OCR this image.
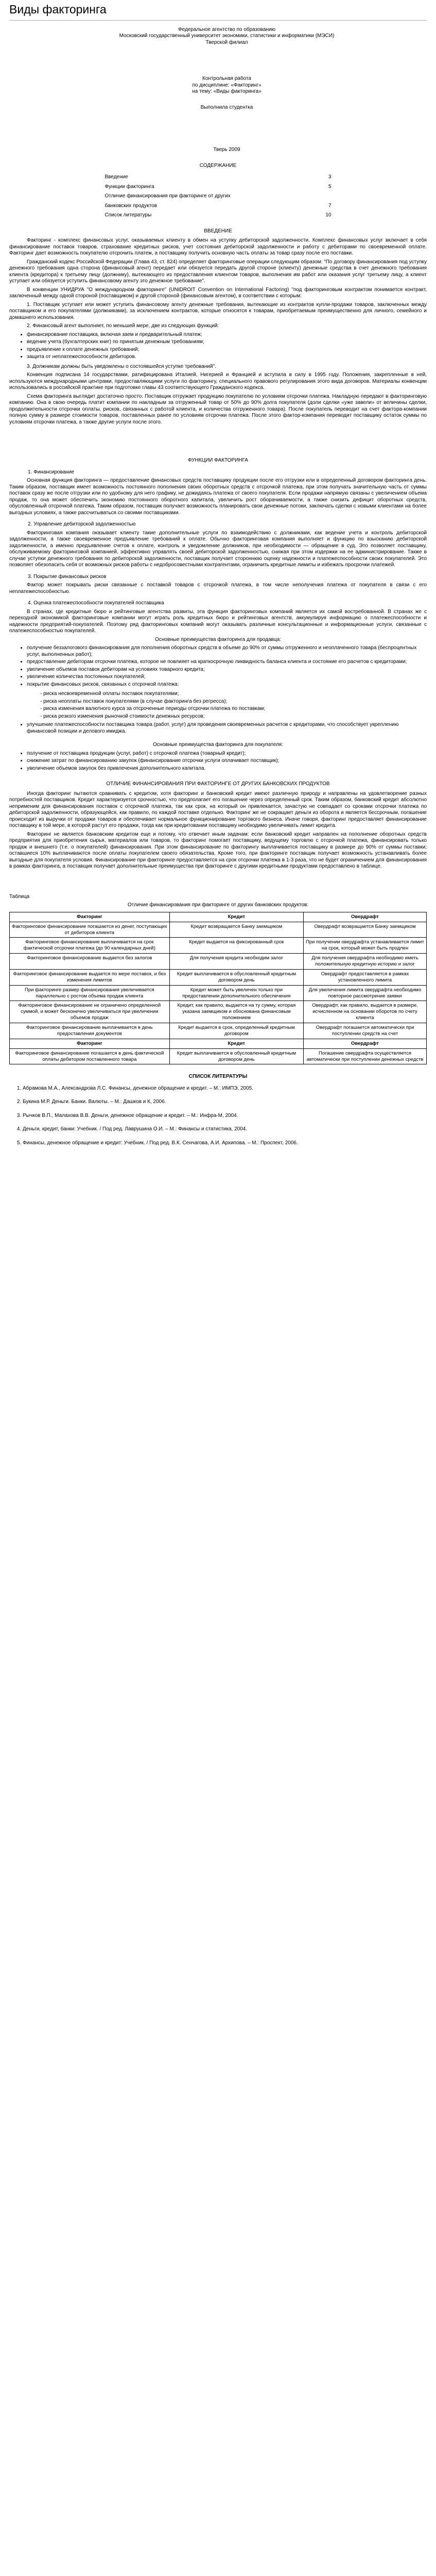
Виды факторинга

Федеральное агентство по образованию

Московский государственный университет экономики, статистики и информатики (МЭСИ)

Тверской филиал

Контрольная работа

по дисциплине: «Факторинг»

на тему: «Виды факторинга»

Выполнила студентка

Тверь 2009

СОДЕРЖАНИЕ
Введение	3
Функции факторинга	5
Отличие финансирования при факторинге от других
банковских продуктов	7
Список литературы	10
ВВЕДЕНИЕ

Факторинг - комплекс финансовых услуг, оказываемых клиенту в обмен на уступку дебиторской задолженности. Комплекс финансовых услуг включает в себя финансирование поставок товаров, страхование кредитных рисков, учет состояния дебиторской задолженности и работу с дебиторами по своевременной оплате. Факторинг дает возможность покупателю отсрочить платеж, а поставщику получить основную часть оплаты за товар сразу после его поставки.

Гражданский кодекс Российской Федерации (Глава 43, ст. 824) определяет факторинговые операции следующим образом: "По договору финансирования под уступку денежного требования одна сторона (финансовый агент) передает или обязуется передать другой стороне (клиенту) денежные средства в счет денежного требования клиента (кредитора) к третьему лицу (должнику), вытекающего из предоставления клиентом товаров, выполнения им работ или оказания услуг третьему лицу, а клиент уступает или обязуется уступить финансовому агенту это денежное требование".

В конвенции УНИДРУА "О международном факторинге" (UNIDROIT Convention on International Factoring) "под факторинговым контрактом понимается контракт, заключенный между одной стороной (поставщиком) и другой стороной (финансовым агентом), в соответствии с которым:

1. Поставщик уступает или может уступить финансовому агенту денежные требования, вытекающие из контрактов купли-продажи товаров, заключенных между поставщиком и его покупателями (должниками), за исключением контрактов, которые относятся к товарам, приобретаемым преимущественно для личного, семейного и домашнего использования.

2. Финансовый агент выполняет, по меньшей мере, две из следующих функций:

• финансирование поставщика, включая заем и предварительный платеж;
• ведение учета (бухгалтерских книг) по принятым денежным требованиям;
• предъявление к оплате денежных требований;
• защита от неплатежеспособности дебиторов.

3. Должникам должны быть уведомлены о состоявшейся уступке требований".

Конвенция подписана 14 государствами, ратифицирована Италией, Нигерией и Францией и вступила в силу в 1995 году. Положения, закрепленные в ней, используются международными центрами, предоставляющими услуги по факторингу, специального правового регулирования этого вида договоров. Материалы конвенции использовались в российской практике при подготовке главы 43 соответствующего Гражданского кодекса.

Схема факторинга выглядит достаточно просто. Поставщик отгружает продукцию покупателю по условиям отсрочки платежа. Накладную передают в факторинговую компанию. Она в свою очередь платит компании по накладным за отгруженный товар от 50% до 90% долга покупателя (доли сделки «уже завели» от величины сделки, продолжительности отсрочки оплаты, рисков, связанных с работой клиента, и количества отгруженного товара). После покупатель переводит на счет фактора-компании полную сумму в размере стоимости товаров, поставленных ранее по условиям отсрочки платежа. После этого фактор-компания переводит поставщику остаток суммы по условиям отсрочки платежа, а также другие услуги после этого.

ФУНКЦИИ ФАКТОРИНГА
1. Финансирование

Основная функция факторинга — предоставление финансовых средств поставщику продукции после его отгрузки или в определенный договором факторинга день. Таким образом, поставщик имеет возможность постоянного пополнения своих оборотных средств с отсрочкой платежа, при этом получать значительную часть от суммы поставок сразу же после отгрузки или по удобному для него графику, не дожидаясь платежа от своего покупателя. Если продажи напрямую связаны с увеличением объема продаж, то она может обеспечить экономию постоянного оборотного капитала, увеличить рост оборачиваемости, а также снизить дефицит оборотных средств, обусловленный отсрочкой платежа. Таким образом, поставщик получает возможность планировать свои денежные потоки, заключать сделки с новыми клиентами на более выгодных условиях, а также рассчитываться со своими поставщиками.

2. Управление дебиторской задолженностью

Факторинговая компания оказывает клиенту такие дополнительные услуги по взаимодействию с должниками, как ведение учета и контроль дебиторской задолженности, а также своевременное предъявление требований к оплате. Обычно факторинговая компания выполняет и функцию по взысканию дебиторской задолженности, а именно предъявление счетов к оплате, контроль и уведомление должников, при необходимости — обращение в суд. Это позволяет поставщику, обслуживаемому факторинговой компанией, эффективно управлять своей дебиторской задолженностью, снижая при этом издержки на ее администрирование. Также в случае уступки денежного требования по дебиторской задолженности, поставщик получает стороннюю оценку надежности и платежеспособности своих покупателей. Это позволяет обезопасить себя от возможных рисков работы с недобросовестными контрагентами, ограничить кредитные лимиты и избежать просрочки платежей.

3. Покрытие финансовых рисков

Фактор может покрывать риски связанные с поставкой товаров с отсрочкой платежа, в том числе неполучения платежа от покупателя в связи с его неплатежеспособностью.

4. Оценка платежеспособности покупателей поставщика

В странах, где кредитные бюро и рейтинговые агентства развиты, эта функция факторинговых компаний является их самой востребованной. В странах же с переходной экономикой факторинговые компании могут играть роль кредитных бюро и рейтинговых агентств, аккумулируя информацию о платежеспособности и надежности предприятий-покупателей. Поэтому ряд факторинговых компаний могут оказывать различные консультационные и информационные услуги, связанные с платежеспособностью покупателей.

Основные преимущества факторинга для продавца:

• получение беззалогового финансирования для пополнения оборотных средств в объеме до 90% от суммы отгруженного и неоплаченного товара (беспроцентных услуг, выполненных работ);
• предоставление дебиторам отсрочки платежа, которое не повлияет на краткосрочную ликвидность баланса клиента и состояние его расчетов с кредиторами;
• увеличение объемов поставок дебиторам на условиях товарного кредита;
• увеличение количества постоянных покупателей;
• покрытие финансовых рисков, связанных с отсрочкой платежа:
- риска несвоевременной оплаты поставок покупателями;
- риска неоплаты поставок покупателями (в случае факторинга без регресса);
- риска изменения валютного курса за отсроченные периоды отсрочки платежа по поставкам;
- риска резкого изменения рыночной стоимости денежных ресурсов;
• улучшение платежеспособности поставщика товара (работ, услуг) для проведения своевременных расчетов с кредиторами, что способствует укреплению финансовой позиции и делового имиджа.

Основные преимущества факторинга для покупателя:

• получение от поставщика продукции (услуг, работ) с отсрочкой платежа (товарный кредит);
• снижение затрат по финансированию закупок (финансирование отсрочки услуги оплачивает поставщик);
• увеличение объемов закупок без привлечения дополнительного капитала.
ОТЛИЧИЕ ФИНАНСИРОВАНИЯ ПРИ ФАКТОРИНГЕ ОТ ДРУГИХ БАНКОВСКИХ ПРОДУКТОВ

Иногда факторинг пытаются сравнивать с кредитом, хотя факторинг и банковский кредит имеют различную природу и направлены на удовлетворение разных потребностей поставщиков. Кредит характеризуется срочностью, что предполагает его погашение через определенный срок. Таким образом, банковский кредит абсолютно неприменим для финансирования поставок с отсрочкой платежа, так как срок, на который он привлекается, зачастую не совпадает со сроками отсрочки платежа по дебиторской задолженности, образующейся, как правило, по каждой поставке отдельно. Факторинг же не сокращает деньги из оборота и является бессрочным, погашение происходит из выручки от продажи товаров и обеспечивает нормальное функционирование торгового бизнеса. Иначе говоря, факторинг предоставляет финансирование поставщику в той мере, в которой растут его продажи, тогда как при кредитовании поставщику необходимо увеличивать лимит кредита.

Факторинг не является банковским кредитом еще и потому, что отвечает иным задачам: если банковский кредит направлен на пополнение оборотных средств предприятия для приобретения сырья, материалов или товаров, то факторинг помогает поставщику, ведущему торговлю с отсрочкой платежа, финансировать только продаж и внешнего (т.е. о покупателей) финансирования. При этом финансирование по факторингу выплачивается поставщику в размере до 90% от суммы поставки; оставшиеся 10% выплачиваются после оплаты покупателем своего обязательства. Кроме того, при факторинге поставщик получает возможность устанавливать более выгодные для покупателя условия. Финансирование при факторинге предоставляется на срок отсрочки платежа в 1-3 раза, что не будет ограничением для финансирования в рамках факторинга, а поставщик получает дополнительные преимущества при факторинге с другими кредитными продуктами предоставлено в таблице.

Таблица

Отличие финансирования при факторинге от других банковских продуктов:

Факторинг	Кредит	Овердрафт
Факторинговое финансирование погашается из денег, поступающих от дебиторов клиента	Кредит возвращается Банку заемщиком	Овердрафт возвращается Банку заемщиком
Факторинговое финансирование выплачивается на срок фактической отсрочки платежа (до 90 календарных дней)	Кредит выдается на фиксированный срок	При получении овердрафта устанавливается лимит на срок, который может быть продлен
Факторинговое финансирование выдается без залогов	Для получения кредита необходим залог	Для получения овердрафта необходимо иметь положительную кредитную историю и залог
Факторинговое финансирование выдается по мере поставок, и без изменения лимитов	Кредит выплачивается в обусловленный кредитным договором день	Овердрафт предоставляется в рамках установленного лимита
При факторинге размер финансирования увеличивается параллельно с ростом объема продаж клиента	Кредит может быть увеличен только при предоставлении дополнительного обеспечения	Для увеличения лимита овердрафта необходимо повторное рассмотрение заявки
Факторинговое финансирование не ограничено определенной суммой, и может бесконечно увеличиваться при увеличении объемов продаж	Кредит, как правило, выдается на ту сумму, которая указана заемщиком и обоснована финансовым положением	Овердрафт, как правило, выдается в размере, исчисленном на основании оборотов по счету клиента
Факторинговое финансирование выплачивается в день предоставления документов	Кредит выдается в срок, определенный кредитным договором	Овердрафт погашается автоматически при поступлении средств на счет
Факторинг	Кредит	Овердрафт
Факторинговое финансирование погашается в день фактической оплаты дебитором поставленного товара	Кредит выплачивается в обусловленный кредитным договором день	Погашение овердрафта осуществляется автоматически при поступлении денежных средств
СПИСОК ЛИТЕРАТУРЫ
1. Абрамова М.А., Александрова Л.С. Финансы, денежное обращение и кредит. – М.: ИМПЭ, 2005.
2. Букина М.Р. Деньги. Банки. Валюты. – М.: Дашков и К, 2006.
3. Рычков В.П., Малахова В.В. Деньги, денежное обращение и кредит. – М.: Инфра-М, 2004.
4. Деньги, кредит, банки: Учебник. / Под ред. Лаврушина О.И. – М.: Финансы и статистика, 2004.
5. Финансы, денежное обращение и кредит: Учебник. / Под ред. В.К. Сенчагова, А.И. Архипова. – М.: Проспект, 2006.
